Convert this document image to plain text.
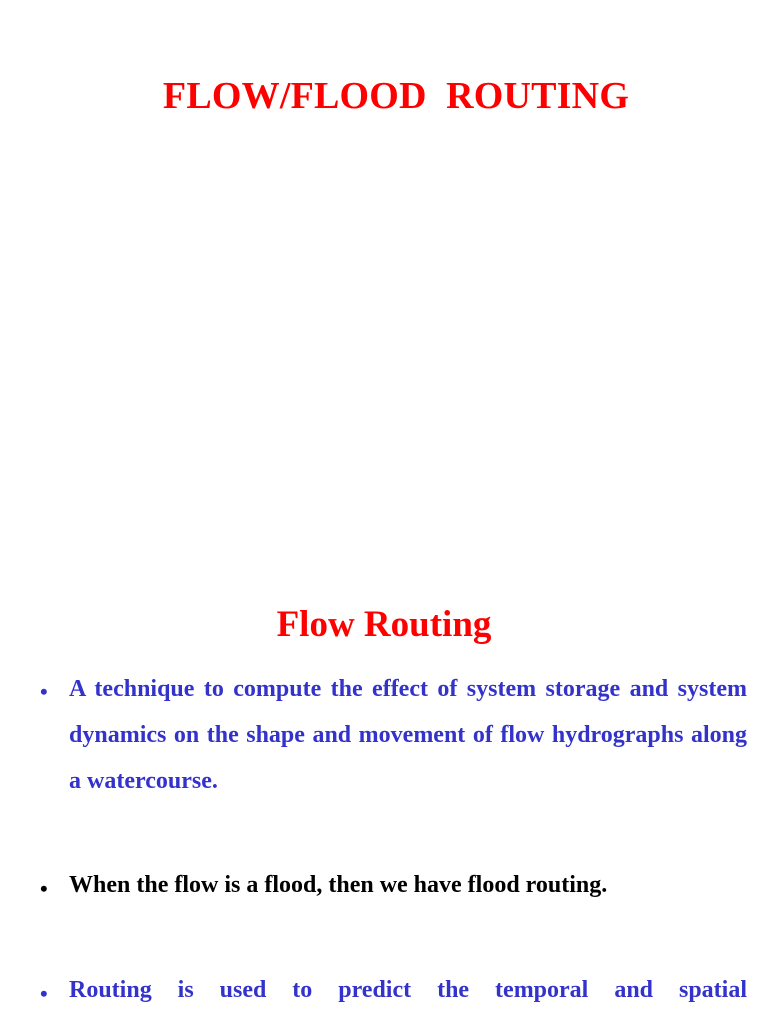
FLOW/FLOOD  ROUTING
Flow Routing
• A technique to compute the effect of system storage and system dynamics on the shape and movement of flow hydrographs along a watercourse.
• When the flow is a flood, then we have flood routing.
• Routing is used to predict the temporal and spatial
